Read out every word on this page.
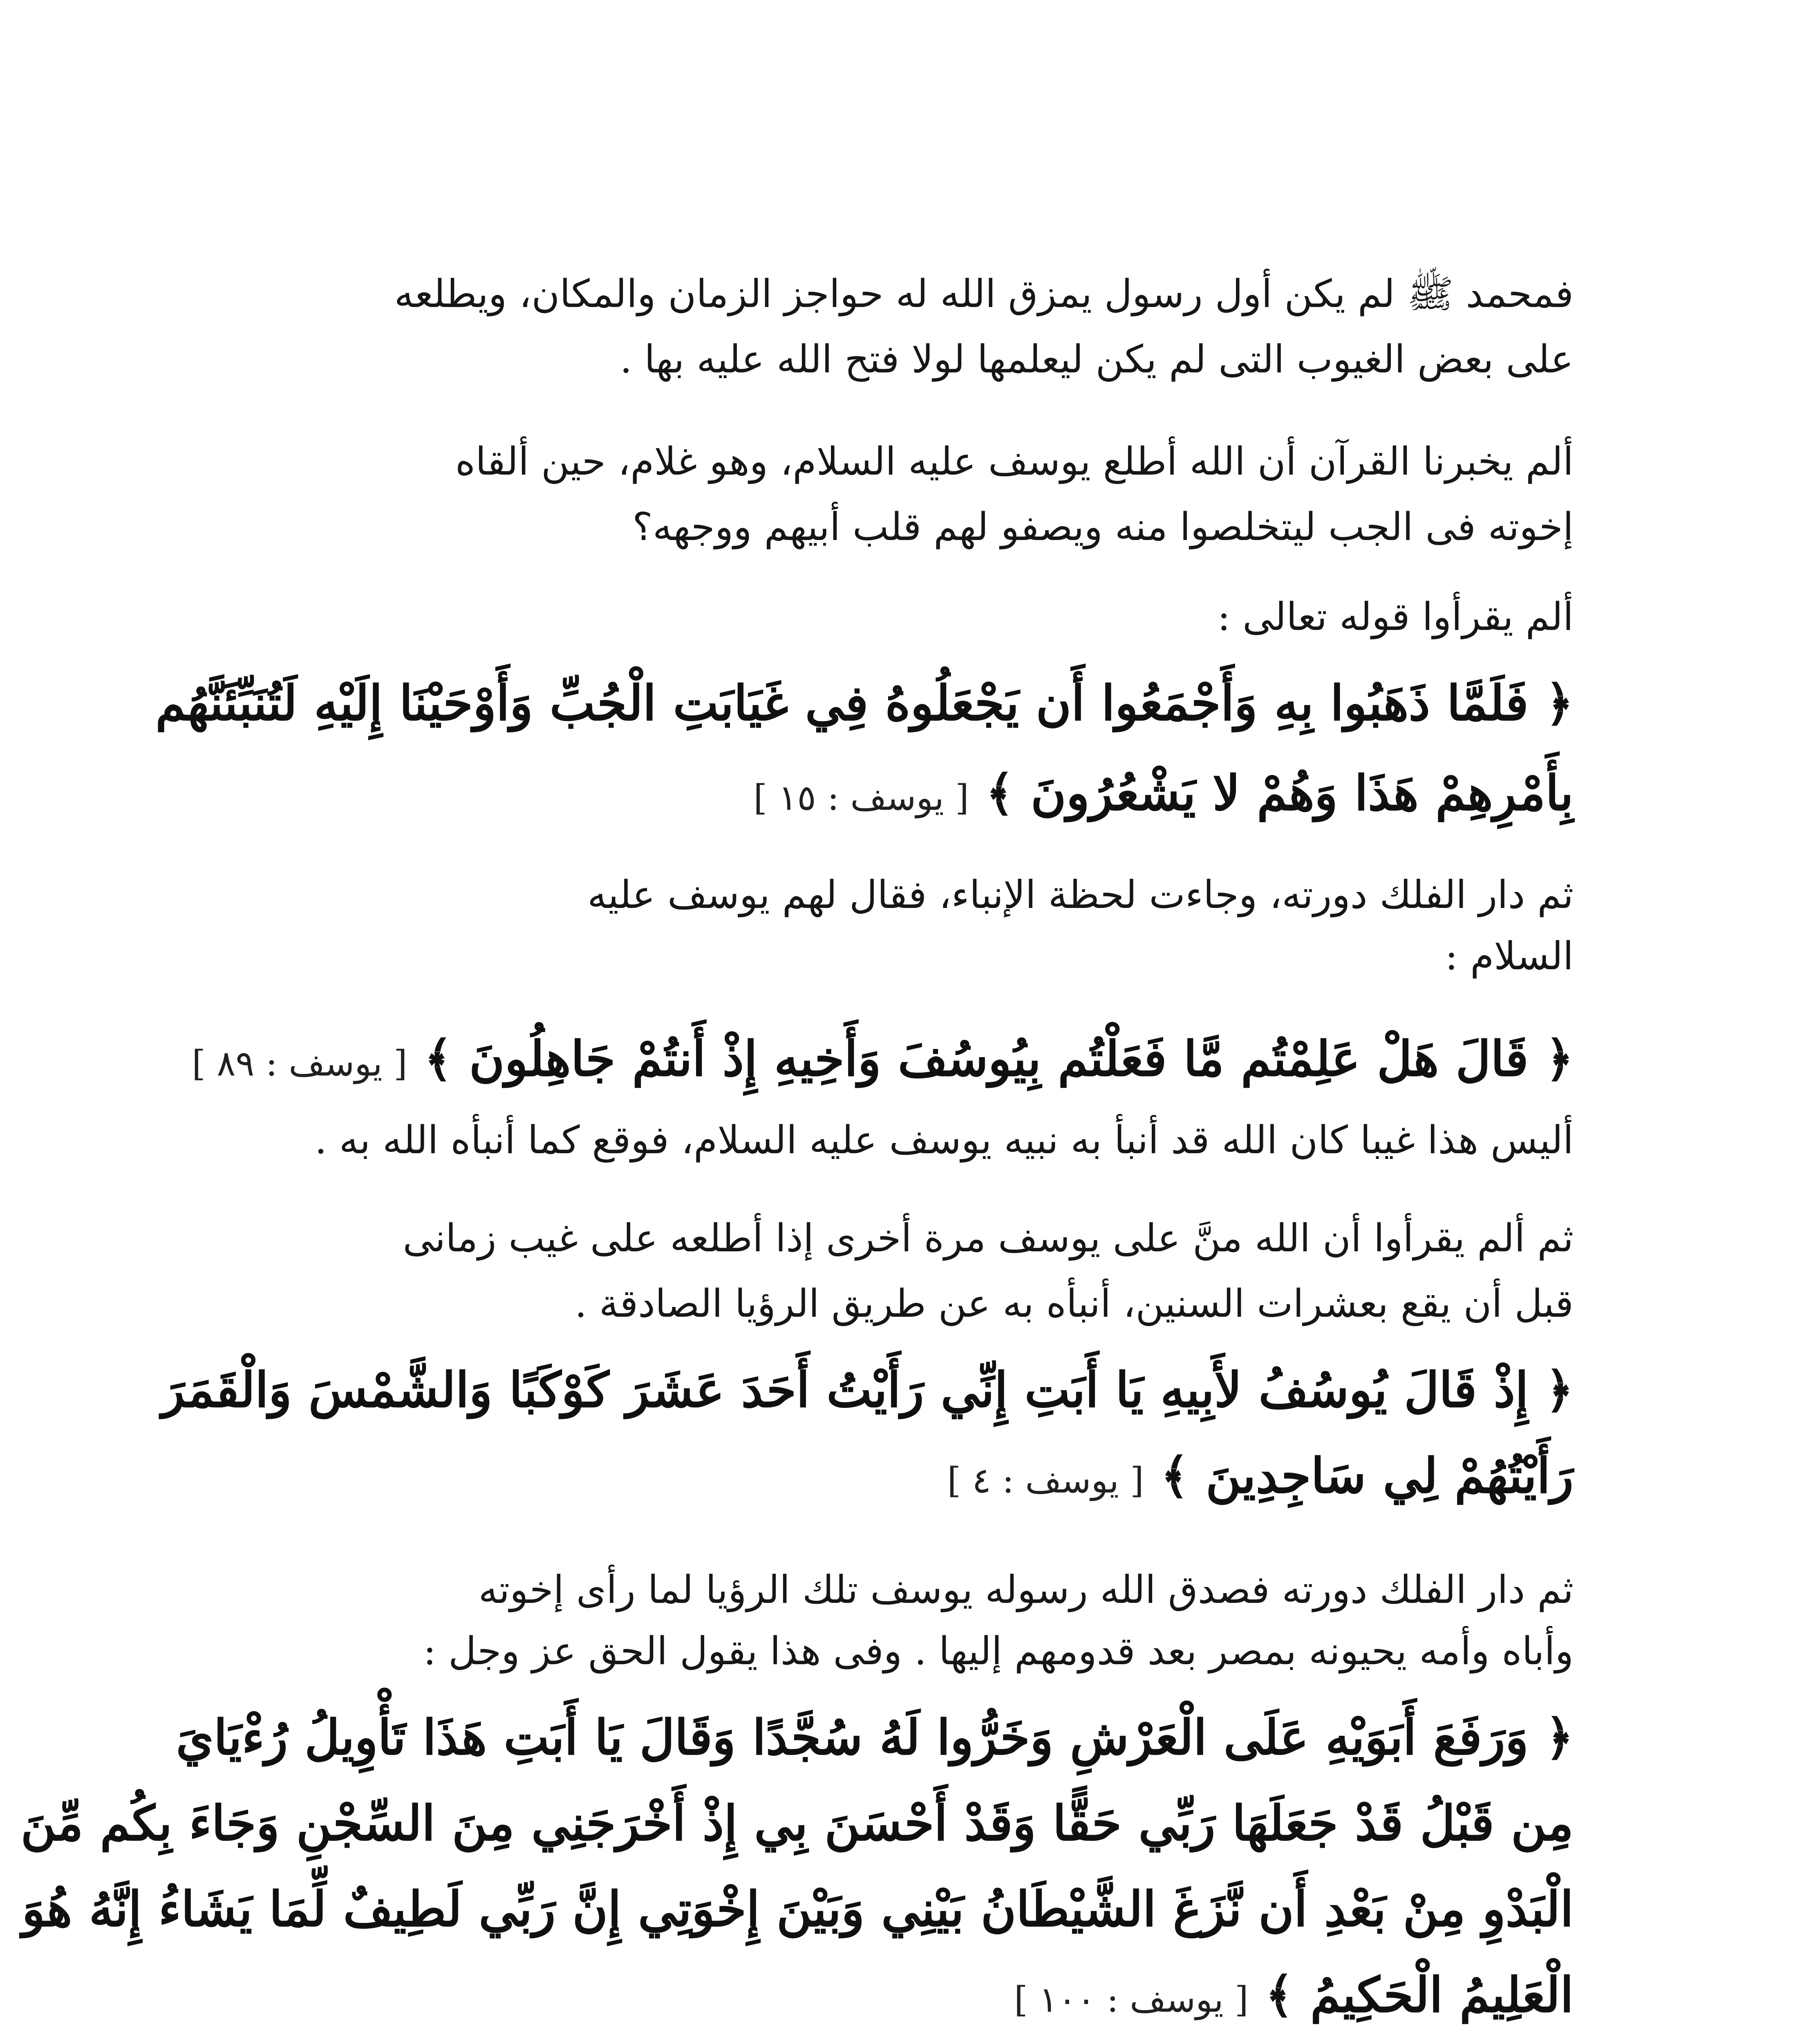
فمحمد ﷺ لم يكن أول رسول يمزق الله له حواجز الزمان والمكان، ويطلعه
على بعض الغيوب التى لم يكن ليعلمها لولا فتح الله عليه بها .
ألم يخبرنا القرآن أن الله أطلع يوسف عليه السلام، وهو غلام، حين ألقاه
إخوته فى الجب ليتخلصوا منه ويصفو لهم قلب أبيهم ووجهه؟
ألم يقرأوا قوله تعالى :
﴿ فَلَمَّا ذَهَبُوا بِهِ وَأَجْمَعُوا أَن يَجْعَلُوهُ فِي غَيَابَتِ الْجُبِّ وَأَوْحَيْنَا إِلَيْهِ لَتُنَبِّئَنَّهُم
بِأَمْرِهِمْ هَذَا وَهُمْ لا يَشْعُرُونَ ﴾ [ يوسف : ١٥ ]
ثم دار الفلك دورته، وجاءت لحظة الإنباء، فقال لهم يوسف عليه
السلام :
﴿ قَالَ هَلْ عَلِمْتُم مَّا فَعَلْتُم بِيُوسُفَ وَأَخِيهِ إِذْ أَنتُمْ جَاهِلُونَ ﴾ [ يوسف : ٨٩ ]
أليس هذا غيبا كان الله قد أنبأ به نبيه يوسف عليه السلام، فوقع كما أنبأه الله به .
ثم ألم يقرأوا أن الله منَّ على يوسف مرة أخرى إذا أطلعه على غيب زمانى
قبل أن يقع بعشرات السنين، أنبأه به عن طريق الرؤيا الصادقة .
﴿ إِذْ قَالَ يُوسُفُ لأَبِيهِ يَا أَبَتِ إِنِّي رَأَيْتُ أَحَدَ عَشَرَ كَوْكَبًا وَالشَّمْسَ وَالْقَمَرَ
رَأَيْتُهُمْ لِي سَاجِدِينَ ﴾ [ يوسف : ٤ ]
ثم دار الفلك دورته فصدق الله رسوله يوسف تلك الرؤيا لما رأى إخوته
وأباه وأمه يحيونه بمصر بعد قدومهم إليها . وفى هذا يقول الحق عز وجل :
﴿ وَرَفَعَ أَبَوَيْهِ عَلَى الْعَرْشِ وَخَرُّوا لَهُ سُجَّدًا وَقَالَ يَا أَبَتِ هَذَا تَأْوِيلُ رُءْيَايَ
مِن قَبْلُ قَدْ جَعَلَهَا رَبِّي حَقًّا وَقَدْ أَحْسَنَ بِي إِذْ أَخْرَجَنِي مِنَ السِّجْنِ وَجَاءَ بِكُم مِّنَ
الْبَدْوِ مِنْ بَعْدِ أَن نَّزَغَ الشَّيْطَانُ بَيْنِي وَبَيْنَ إِخْوَتِي إِنَّ رَبِّي لَطِيفٌ لِّمَا يَشَاءُ إِنَّهُ هُوَ
الْعَلِيمُ الْحَكِيمُ ﴾ [ يوسف : ١٠٠ ]
